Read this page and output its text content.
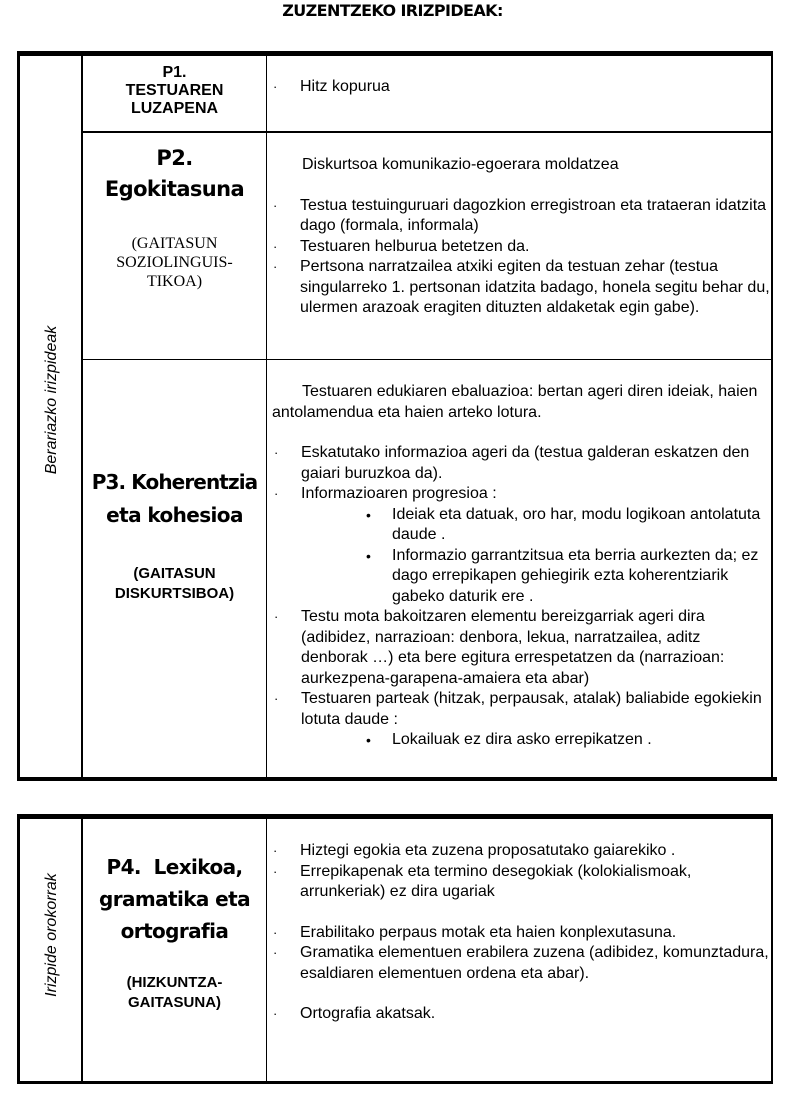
ZUZENTZEKO IRIZPIDEAK:
Berariazko irizpideak
P1.
TESTUAREN
LUZAPENA
· Hitz kopurua
P2.
Egokitasuna
(GAITASUN
SOZIOLINGUIS-
TIKOA)
Diskurtsoa komunikazio-egoerara moldatzea
· Testua testuinguruari dagozkion erregistroan eta trataeran idatzita dago (formala, informala)
· Testuaren helburua betetzen da.
· Pertsona narratzailea atxiki egiten da testuan zehar (testua singularreko 1. pertsonan idatzita badago, honela segitu behar du, ulermen arazoak eragiten dituzten aldaketak egin gabe).
P3. Koherentzia
eta kohesioa
(GAITASUN
DISKURTSIBOA)
Testuaren edukiaren ebaluazioa: bertan ageri diren ideiak, haien antolamendua eta haien arteko lotura.
· Eskatutako informazioa ageri da (testua galderan eskatzen den gaiari buruzkoa da).
· Informazioaren progresioa :
• Ideiak eta datuak, oro har, modu logikoan antolatuta daude .
• Informazio garrantzitsua eta berria aurkezten da; ez dago errepikapen gehiegirik ezta koherentziarik gabeko daturik ere .
· Testu mota bakoitzaren elementu bereizgarriak ageri dira (adibidez, narrazioan: denbora, lekua, narratzailea, aditz denborak …) eta bere egitura errespetatzen da (narrazioan: aurkezpena-garapena-amaiera eta abar)
· Testuaren parteak (hitzak, perpausak, atalak) baliabide egokiekin lotuta daude :
• Lokailuak ez dira asko errepikatzen .
Irizpide orokorrak
P4.  Lexikoa,
gramatika eta
ortografia
(HIZKUNTZA-
GAITASUNA)
· Hiztegi egokia eta zuzena proposatutako gaiarekiko .
· Errepikapenak eta termino desegokiak (kolokialismoak, arrunkeriak) ez dira ugariak
· Erabilitako perpaus motak eta haien konplexutasuna.
· Gramatika elementuen erabilera zuzena (adibidez, komunztadura, esaldiaren elementuen ordena eta abar).
· Ortografia akatsak.
